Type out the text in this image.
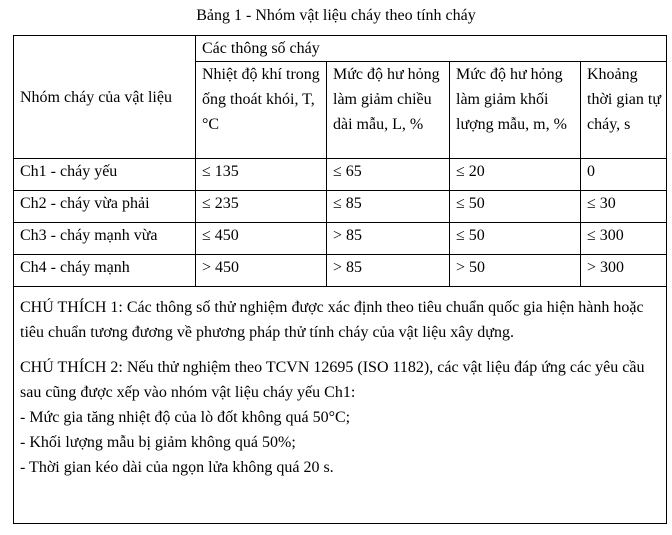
Bảng 1 - Nhóm vật liệu cháy theo tính cháy
Nhóm cháy của vật liệu	Các thông số cháy			
	Nhiệt độ khí trong ống thoát khói, T, °C	Mức độ hư hỏng làm giảm chiều dài mẫu, L, %	Mức độ hư hỏng làm giảm khối lượng mẫu, m, %	Khoảng thời gian tự cháy, s
Ch1 - cháy yếu	≤ 135	≤ 65	≤ 20	0
Ch2 - cháy vừa phải	≤ 235	≤ 85	≤ 50	≤ 30
Ch3 - cháy mạnh vừa	≤ 450	> 85	≤ 50	≤ 300
Ch4 - cháy mạnh	> 450	> 85	> 50	> 300

CHÚ THÍCH 1: Các thông số thử nghiệm được xác định theo tiêu chuẩn quốc gia hiện hành hoặc tiêu chuẩn tương đương về phương pháp thử tính cháy của vật liệu xây dựng.

CHÚ THÍCH 2: Nếu thử nghiệm theo TCVN 12695 (ISO 1182), các vật liệu đáp ứng các yêu cầu sau cũng được xếp vào nhóm vật liệu cháy yếu Ch1:

- Mức gia tăng nhiệt độ của lò đốt không quá 50°C;

- Khối lượng mẫu bị giảm không quá 50%;

- Thời gian kéo dài của ngọn lửa không quá 20 s.				
